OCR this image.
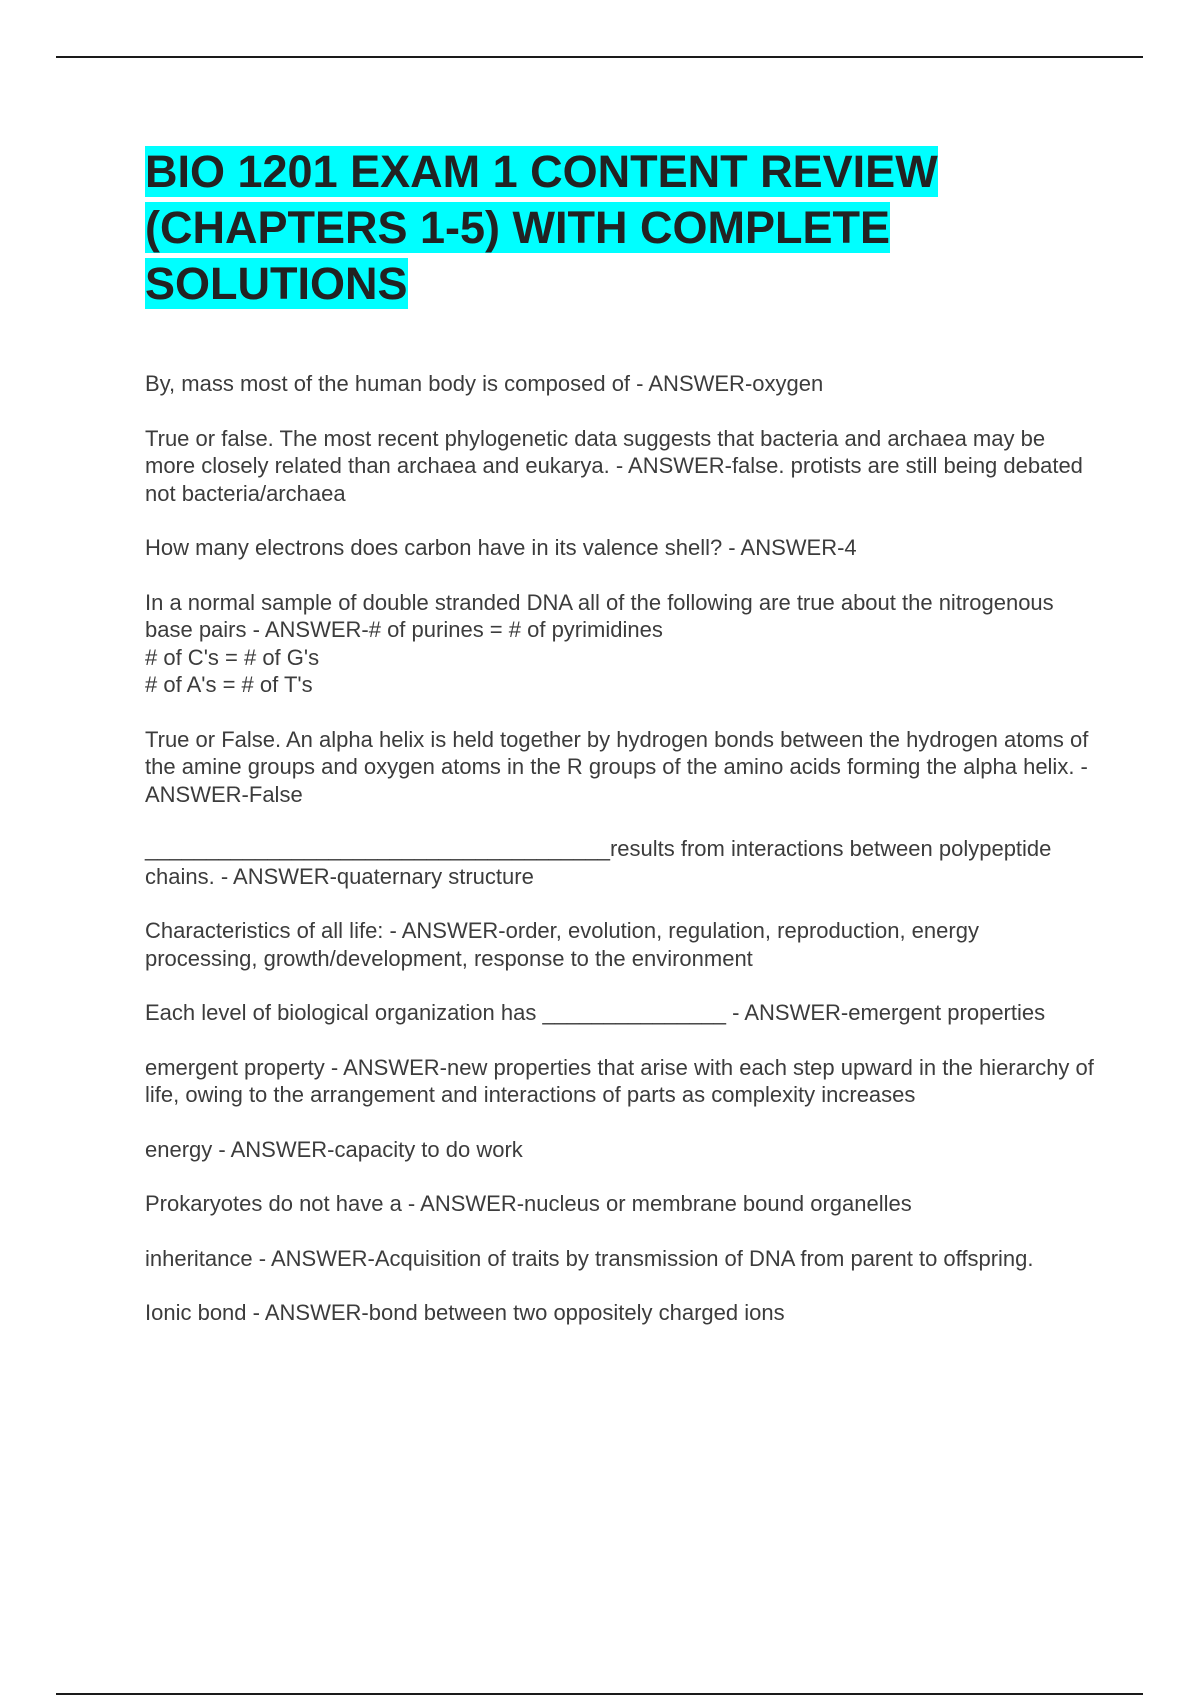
BIO 1201 EXAM 1 CONTENT REVIEW (CHAPTERS 1-5) WITH COMPLETE SOLUTIONS
By, mass most of the human body is composed of - ANSWER-oxygen
True or false. The most recent phylogenetic data suggests that bacteria and archaea may be more closely related than archaea and eukarya. - ANSWER-false. protists are still being debated not bacteria/archaea
How many electrons does carbon have in its valence shell? - ANSWER-4
In a normal sample of double stranded DNA all of the following are true about the nitrogenous base pairs - ANSWER-# of purines = # of pyrimidines
# of C's = # of G's
# of A's = # of T's
True or False. An alpha helix is held together by hydrogen bonds between the hydrogen atoms of the amine groups and oxygen atoms in the R groups of the amino acids forming the alpha helix. - ANSWER-False
______________________________________results from interactions between polypeptide chains. - ANSWER-quaternary structure
Characteristics of all life: - ANSWER-order, evolution, regulation, reproduction, energy processing, growth/development, response to the environment
Each level of biological organization has _______________ - ANSWER-emergent properties
emergent property - ANSWER-new properties that arise with each step upward in the hierarchy of life, owing to the arrangement and interactions of parts as complexity increases
energy - ANSWER-capacity to do work
Prokaryotes do not have a - ANSWER-nucleus or membrane bound organelles
inheritance - ANSWER-Acquisition of traits by transmission of DNA from parent to offspring.
Ionic bond - ANSWER-bond between two oppositely charged ions
